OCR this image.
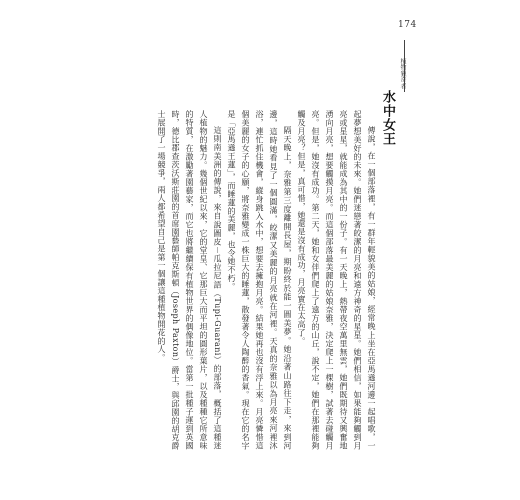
174
植物獵奇者
水中女王

傳說，在一個部落裡，有一群年輕貌美的姑娘，經常晚上坐在亞馬遜河邊一起唱歌，一起夢想美好的未來。她們迷戀著皎潔的月亮和遠方神奇的星星。她們相信，如果能夠觸到月亮或星星，就能成為其中的一份子。有一天晚上，熱帶夜空萬里無雲，她們既期待又興奮地湧向月亮，想要觸摸月亮。而這個部落最美麗的姑娘奈雅，決定爬上一棵樹，試著去碰觸月亮。但是，她沒有成功。第二天，她和女伴們爬上了遠方的山丘，說不定，她們在那裡能夠觸及月亮？但是，真可惜，她還是沒有成功，月亮實在太高了。

隔天晚上，奈雅第三度離開長屋，期盼終於能一圓美夢。她沿著山路往下走，來到河邊，這時她看見了一個圓滿，皎潔又美麗的月亮就在河裡。天真的奈雅以為月亮來河裡沐浴，連忙抓住機會，縱身跳入水中，想要去擁抱月亮。結果她再也沒有浮上來。月亮憐惜這個美麗的女子的心願，將奈雅變成一株巨大的睡蓮，散發著令人陶醉的香氣。現在它的名字是「亞馬遜王蓮」，而睡蓮的美麗，也令她不朽。

這則南美洲的傳說，來自說圖皮－瓜拉尼語（Tupi-Guarani）的部落，概括了這種迷人植物的魅力。幾個世紀以來，它的堂皇、它那巨大而平坦的圓形葉片，以及種種它所意味的特質，在激勵著園藝家，而它也將繼續保有植物世界的偶像地位。當第一批種子運到英國時，德比郡查茨沃斯莊園的首席園藝師帕克斯頓（Joseph Paxton）爵士，與邱園的胡克爵士展開了一場競爭，兩人都希望自己是第一個讓這種植物開花的人。
